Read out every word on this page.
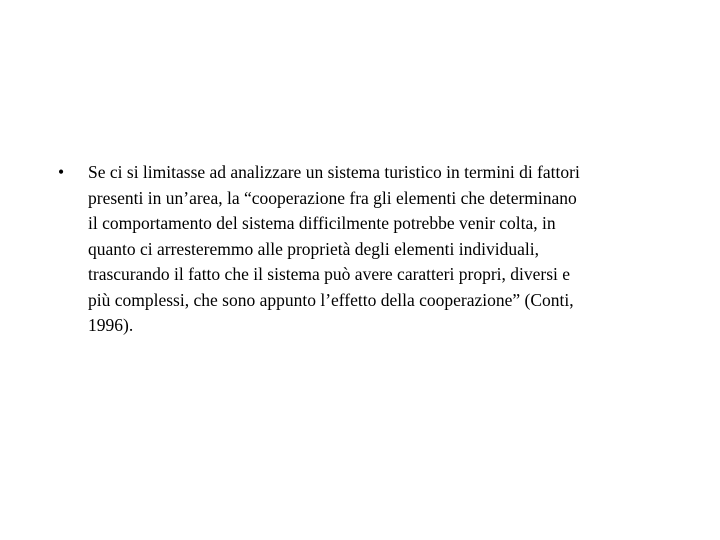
• Se ci si limitasse ad analizzare un sistema turistico in termini di fattori
presenti in un’area, la “cooperazione fra gli elementi che determinano
il comportamento del sistema difficilmente potrebbe venir colta, in
quanto ci arresteremmo alle proprietà degli elementi individuali,
trascurando il fatto che il sistema può avere caratteri propri, diversi e
più complessi, che sono appunto l’effetto della cooperazione” (Conti,
1996).
